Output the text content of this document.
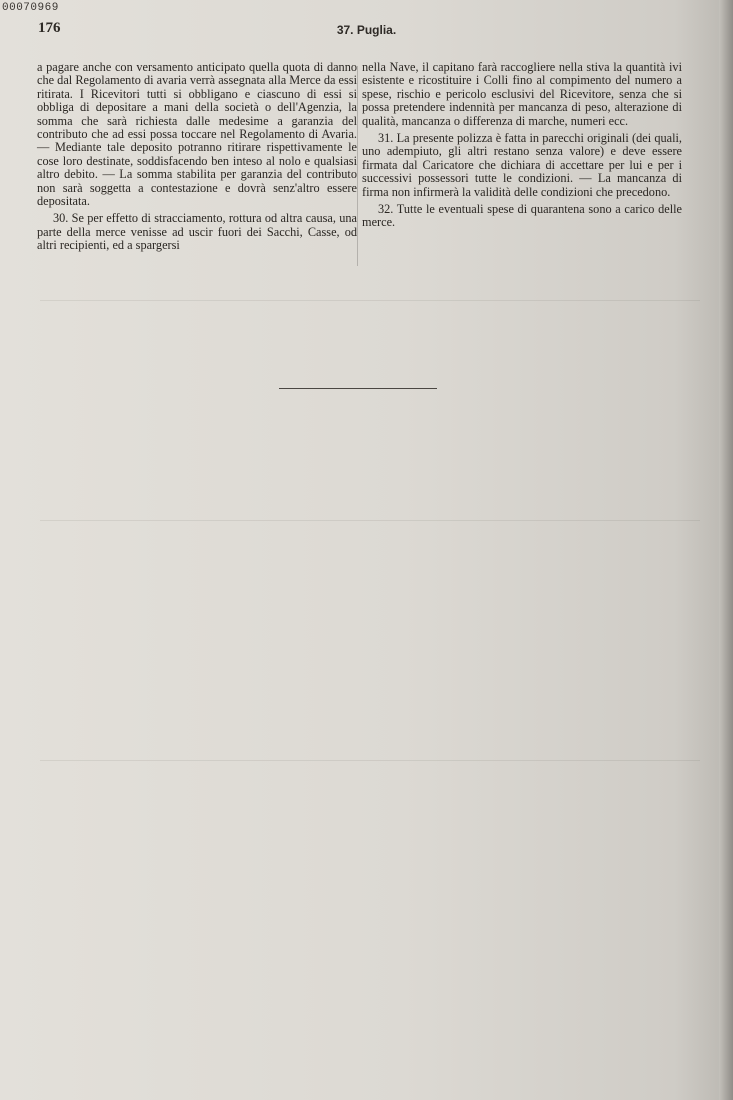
00070969
176	37. Puglia.

a pagare anche con versamento anticipato quella quota di danno che dal Regolamento di avaria verrà assegnata alla Merce da essi ritirata. I Ricevitori tutti si obbligano e ciascuno di essi si obbliga di depositare a mani della società o dell'Agenzia, la somma che sarà richiesta dalle medesime a garanzia del contributo che ad essi possa toccare nel Regolamento di Avaria. — Mediante tale deposito potranno ritirare rispettivamente le cose loro destinate, soddisfacendo ben inteso al nolo e qualsiasi altro debito. — La somma stabilita per garanzia del contributo non sarà soggetta a contestazione e dovrà senz'altro essere depositata.

30. Se per effetto di stracciamento, rottura od altra causa, una parte della merce venisse ad uscir fuori dei Sacchi, Casse, od altri recipienti, ed a spargersi

nella Nave, il capitano farà raccogliere nella stiva la quantità ivi esistente e ricostituire i Colli fino al compimento del numero a spese, rischio e pericolo esclusivi del Ricevitore, senza che si possa pretendere indennità per mancanza di peso, alterazione di qualità, mancanza o differenza di marche, numeri ecc.

31. La presente polizza è fatta in parecchi originali (dei quali, uno adempiuto, gli altri restano senza valore) e deve essere firmata dal Caricatore che dichiara di accettare per lui e per i successivi possessori tutte le condizioni. — La mancanza di firma non infirmerà la validità delle condizioni che precedono.

32. Tutte le eventuali spese di quarantena sono a carico delle merce.
